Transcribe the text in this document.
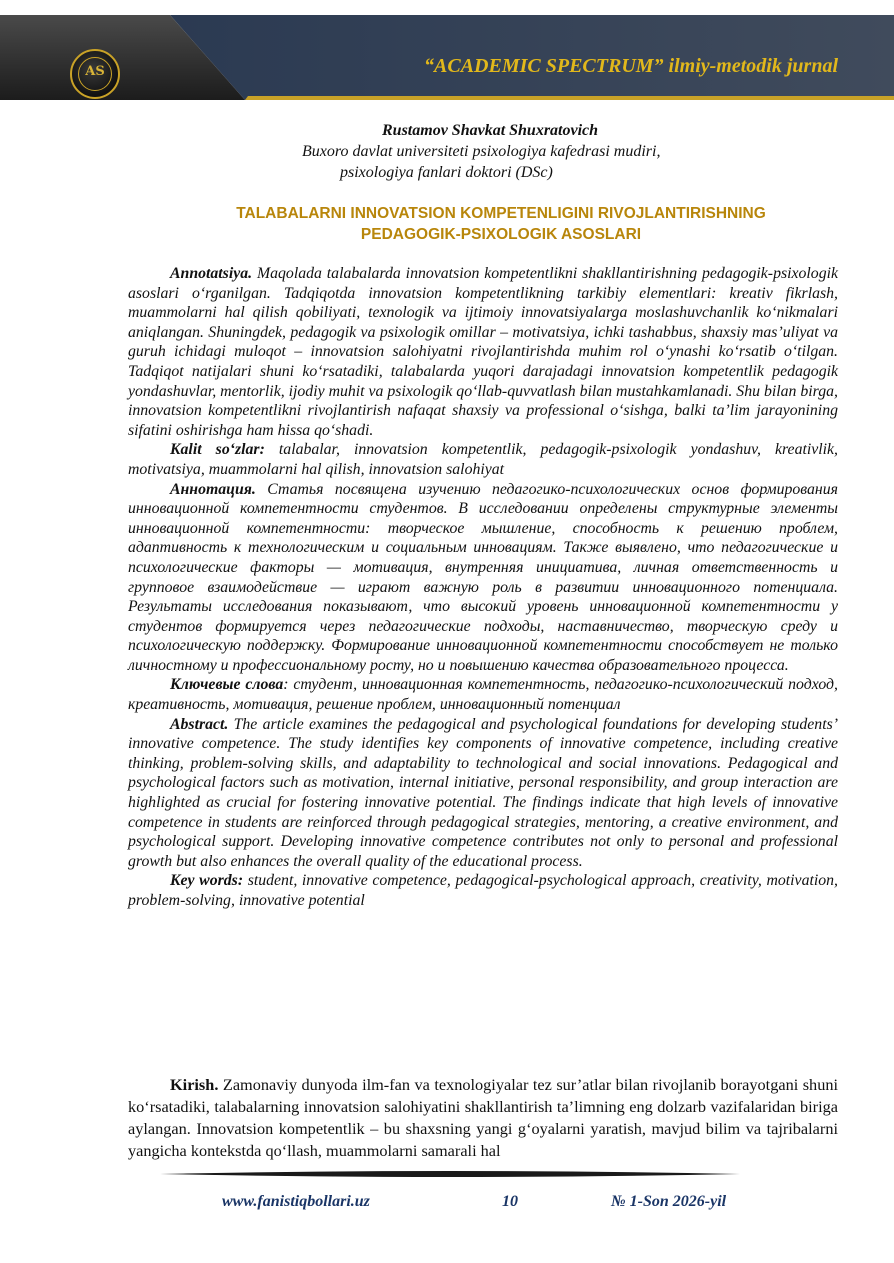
AS	“ACADEMIC SPECTRUM” ilmiy-metodik jurnal
Rustamov Shavkat Shuxratovich
Buxoro davlat universiteti psixologiya kafedrasi mudiri,
psixologiya fanlari doktori (DSc)
TALABALARNI INNOVATSION KOMPETENLIGINI RIVOJLANTIRISHNING
PEDAGOGIK-PSIXOLOGIK ASOSLARI

Annotatsiya. Maqolada talabalarda innovatsion kompetentlikni shakllantirishning pedagogik-psixologik asoslari o‘rganilgan. Tadqiqotda innovatsion kompetentlikning tarkibiy elementlari: kreativ fikrlash, muammolarni hal qilish qobiliyati, texnologik va ijtimoiy innovatsiyalarga moslashuvchanlik ko‘nikmalari aniqlangan. Shuningdek, pedagogik va psixologik omillar – motivatsiya, ichki tashabbus, shaxsiy mas’uliyat va guruh ichidagi muloqot – innovatsion salohiyatni rivojlantirishda muhim rol o‘ynashi ko‘rsatib o‘tilgan. Tadqiqot natijalari shuni ko‘rsatadiki, talabalarda yuqori darajadagi innovatsion kompetentlik pedagogik yondashuvlar, mentorlik, ijodiy muhit va psixologik qo‘llab-quvvatlash bilan mustahkamlanadi. Shu bilan birga, innovatsion kompetentlikni rivojlantirish nafaqat shaxsiy va professional o‘sishga, balki ta’lim jarayonining sifatini oshirishga ham hissa qo‘shadi.

Kalit so‘zlar: talabalar, innovatsion kompetentlik, pedagogik-psixologik yondashuv, kreativlik, motivatsiya, muammolarni hal qilish, innovatsion salohiyat

Аннотация. Статья посвящена изучению педагогико-психологических основ формирования инновационной компетентности студентов. В исследовании определены структурные элементы инновационной компетентности: творческое мышление, способность к решению проблем, адаптивность к технологическим и социальным инновациям. Также выявлено, что педагогические и психологические факторы — мотивация, внутренняя инициатива, личная ответственность и групповое взаимодействие — играют важную роль в развитии инновационного потенциала. Результаты исследования показывают, что высокий уровень инновационной компетентности у студентов формируется через педагогические подходы, наставничество, творческую среду и психологическую поддержку. Формирование инновационной компетентности способствует не только личностному и профессиональному росту, но и повышению качества образовательного процесса.

Ключевые слова: студент, инновационная компетентность, педагогико-психологический подход, креативность, мотивация, решение проблем, инновационный потенциал

Abstract. The article examines the pedagogical and psychological foundations for developing students’ innovative competence. The study identifies key components of innovative competence, including creative thinking, problem-solving skills, and adaptability to technological and social innovations. Pedagogical and psychological factors such as motivation, internal initiative, personal responsibility, and group interaction are highlighted as crucial for fostering innovative potential. The findings indicate that high levels of innovative competence in students are reinforced through pedagogical strategies, mentoring, a creative environment, and psychological support. Developing innovative competence contributes not only to personal and professional growth but also enhances the overall quality of the educational process.

Key words: student, innovative competence, pedagogical-psychological approach, creativity, motivation, problem-solving, innovative potential

Kirish. Zamonaviy dunyoda ilm-fan va texnologiyalar tez sur’atlar bilan rivojlanib borayotgani shuni ko‘rsatadiki, talabalarning innovatsion salohiyatini shakllantirish ta’limning eng dolzarb vazifalaridan biriga aylangan. Innovatsion kompetentlik – bu shaxsning yangi g‘oyalarni yaratish, mavjud bilim va tajribalarni yangicha kontekstda qo‘llash, muammolarni samarali hal

www.fanistiqbollari.uz	10	№ 1-Son 2026-yil
